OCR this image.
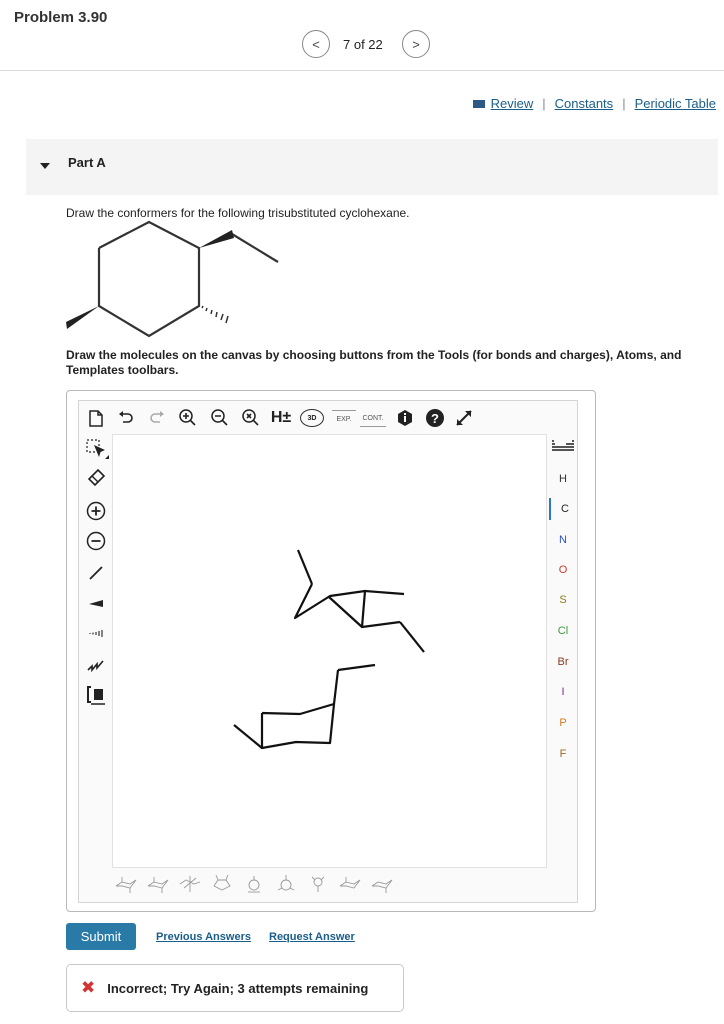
Problem 3.90
< 7 of 22 >
Review | Constants | Periodic Table
Part A
Draw the conformers for the following trisubstituted cyclohexane.
Draw the molecules on the canvas by choosing buttons from the Tools (for bonds and charges), Atoms, and Templates toolbars.
H±	3D	EXP.	CONT.	?
H
C
N
O
S
Cl
Br
I
P
F
Submit	Previous Answers Request Answer
✖ Incorrect; Try Again; 3 attempts remaining
